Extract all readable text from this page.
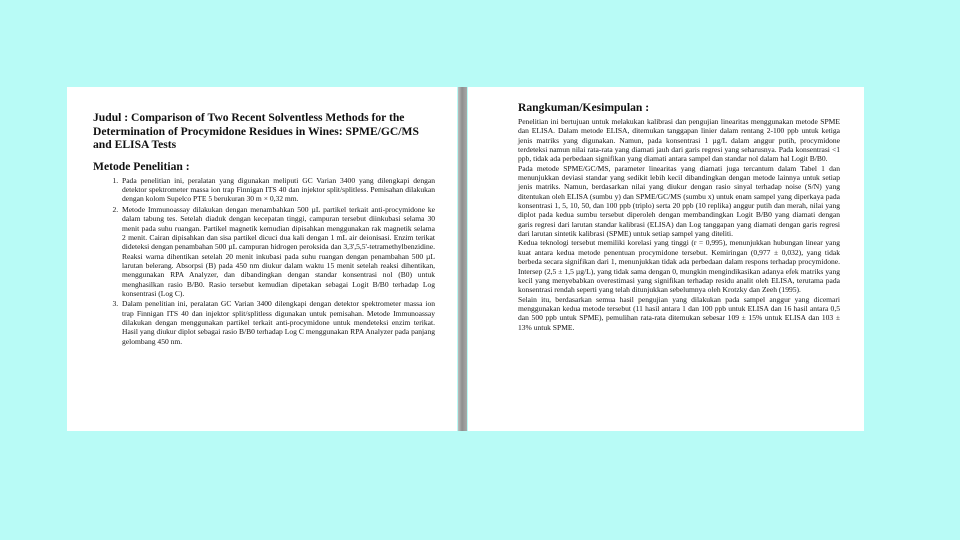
Judul : Comparison of Two Recent Solventless Methods for the Determination of Procymidone Residues in Wines: SPME/GC/MS and ELISA Tests
Metode Penelitian :
1. Pada penelitian ini, peralatan yang digunakan meliputi GC Varian 3400 yang dilengkapi dengan detektor spektrometer massa ion trap Finnigan ITS 40 dan injektor split/splitless. Pemisahan dilakukan dengan kolom Supelco PTE 5 berukuran 30 m × 0,32 mm.
2. Metode Immunoassay dilakukan dengan menambahkan 500 µL partikel terkait anti-procymidone ke dalam tabung tes. Setelah diaduk dengan kecepatan tinggi, campuran tersebut diinkubasi selama 30 menit pada suhu ruangan. Partikel magnetik kemudian dipisahkan menggunakan rak magnetik selama 2 menit. Cairan dipisahkan dan sisa partikel dicuci dua kali dengan 1 mL air deionisasi. Enzim terikat dideteksi dengan penambahan 500 µL campuran hidrogen peroksida dan 3,3',5,5'-tetramethylbenzidine. Reaksi warna dihentikan setelah 20 menit inkubasi pada suhu ruangan dengan penambahan 500 µL larutan belerang. Absorpsi (B) pada 450 nm diukur dalam waktu 15 menit setelah reaksi dihentikan, menggunakan RPA Analyzer, dan dibandingkan dengan standar konsentrasi nol (B0) untuk menghasilkan rasio B/B0. Rasio tersebut kemudian dipetakan sebagai Logit B/B0 terhadap Log konsentrasi (Log C).
3. Dalam penelitian ini, peralatan GC Varian 3400 dilengkapi dengan detektor spektrometer massa ion trap Finnigan ITS 40 dan injektor split/splitless digunakan untuk pemisahan. Metode Immunoassay dilakukan dengan menggunakan partikel terkait anti-procymidone untuk mendeteksi enzim terikat. Hasil yang diukur diplot sebagai rasio B/B0 terhadap Log C menggunakan RPA Analyzer pada panjang gelombang 450 nm.
Rangkuman/Kesimpulan :

Penelitian ini bertujuan untuk melakukan kalibrasi dan pengujian linearitas menggunakan metode SPME dan ELISA. Dalam metode ELISA, ditemukan tanggapan linier dalam rentang 2-100 ppb untuk ketiga jenis matriks yang digunakan. Namun, pada konsentrasi 1 µg/L dalam anggur putih, procymidone terdeteksi namun nilai rata-rata yang diamati jauh dari garis regresi yang seharusnya. Pada konsentrasi <1 ppb, tidak ada perbedaan signifikan yang diamati antara sampel dan standar nol dalam hal Logit B/B0.

Pada metode SPME/GC/MS, parameter linearitas yang diamati juga tercantum dalam Tabel 1 dan menunjukkan deviasi standar yang sedikit lebih kecil dibandingkan dengan metode lainnya untuk setiap jenis matriks. Namun, berdasarkan nilai yang diukur dengan rasio sinyal terhadap noise (S/N) yang ditentukan oleh ELISA (sumbu y) dan SPME/GC/MS (sumbu x) untuk enam sampel yang diperkaya pada konsentrasi 1, 5, 10, 50, dan 100 ppb (triplo) serta 20 ppb (10 replika) anggur putih dan merah, nilai yang diplot pada kedua sumbu tersebut diperoleh dengan membandingkan Logit B/B0 yang diamati dengan garis regresi dari larutan standar kalibrasi (ELISA) dan Log tanggapan yang diamati dengan garis regresi dari larutan sintetik kalibrasi (SPME) untuk setiap sampel yang diteliti.

Kedua teknologi tersebut memiliki korelasi yang tinggi (r = 0,995), menunjukkan hubungan linear yang kuat antara kedua metode penentuan procymidone tersebut. Kemiringan (0,977 ± 0,032), yang tidak berbeda secara signifikan dari 1, menunjukkan tidak ada perbedaan dalam respons terhadap procymidone. Intersep (2,5 ± 1,5 µg/L), yang tidak sama dengan 0, mungkin mengindikasikan adanya efek matriks yang kecil yang menyebabkan overestimasi yang signifikan terhadap residu analit oleh ELISA, terutama pada konsentrasi rendah seperti yang telah ditunjukkan sebelumnya oleh Krotzky dan Zeeh (1995).

Selain itu, berdasarkan semua hasil pengujian yang dilakukan pada sampel anggur yang dicemari menggunakan kedua metode tersebut (11 hasil antara 1 dan 100 ppb untuk ELISA dan 16 hasil antara 0,5 dan 500 ppb untuk SPME), pemulihan rata-rata ditemukan sebesar 109 ± 15% untuk ELISA dan 103 ± 13% untuk SPME.
